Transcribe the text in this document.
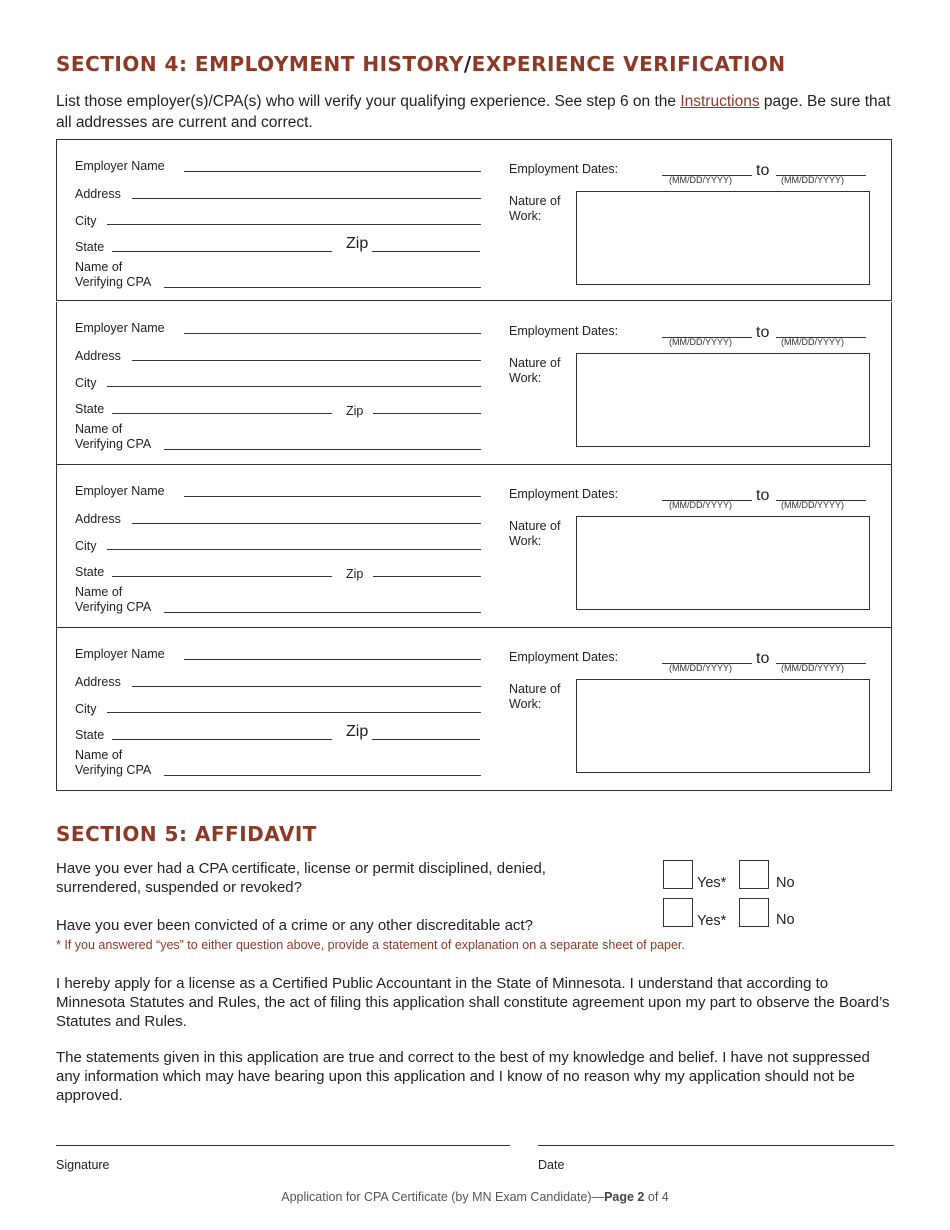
SECTION 4: EMPLOYMENT HISTORY/EXPERIENCE VERIFICATION
List those employer(s)/CPA(s) who will verify your qualifying experience. See step 6 on the Instructions page. Be sure that all addresses are current and correct.
Employer Name
Address
City
State	Zip
Name of
Verifying CPA
Employment Dates:
(MM/DD/YYYY)
to
(MM/DD/YYYY)
Nature of
Work:
Employer Name
Address
City
State	Zip
Name of
Verifying CPA
Employment Dates:
(MM/DD/YYYY)
to
(MM/DD/YYYY)
Nature of
Work:
Employer Name
Address
City
State	Zip
Name of
Verifying CPA
Employment Dates:
(MM/DD/YYYY)
to
(MM/DD/YYYY)
Nature of
Work:
Employer Name
Address
City
State	Zip
Name of
Verifying CPA
Employment Dates:
(MM/DD/YYYY)
to
(MM/DD/YYYY)
Nature of
Work:
SECTION 5: AFFIDAVIT
Have you ever had a CPA certificate, license or permit disciplined, denied, surrendered, suspended or revoked?
Have you ever been convicted of a crime or any other discreditable act?
Yes*	No
Yes*	No
* If you answered “yes” to either question above, provide a statement of explanation on a separate sheet of paper.
I hereby apply for a license as a Certified Public Accountant in the State of Minnesota. I understand that according to Minnesota Statutes and Rules, the act of filing this application shall constitute agreement upon my part to observe the Board’s Statutes and Rules.
The statements given in this application are true and correct to the best of my knowledge and belief. I have not suppressed any information which may have bearing upon this application and I know of no reason why my application should not be approved.
Signature	Date
Application for CPA Certificate (by MN Exam Candidate)—Page 2 of 4
